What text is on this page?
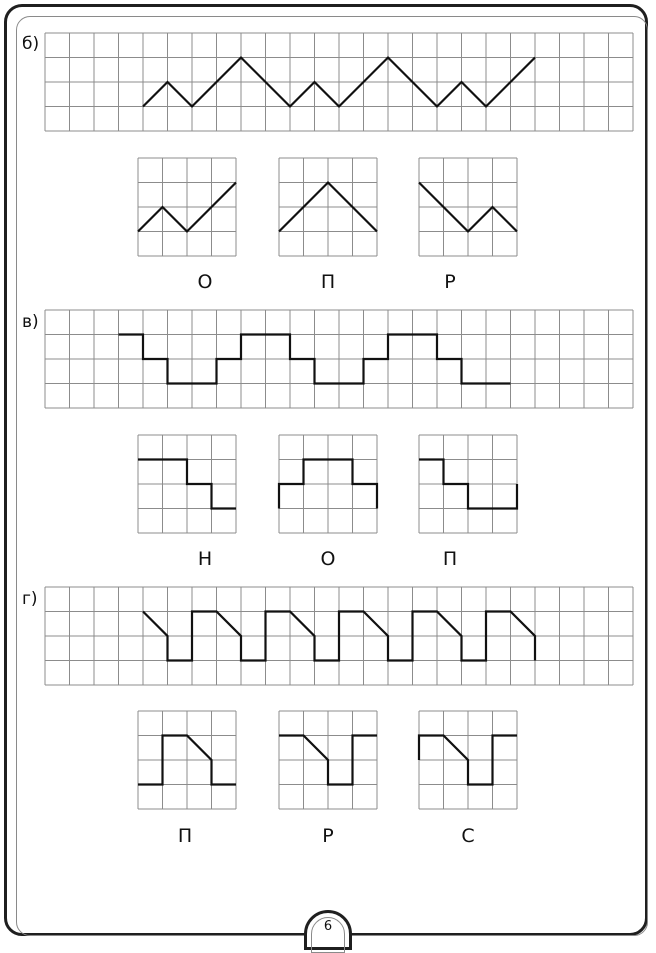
б)
О	П	Р
в)
Н	О	П
г)
П	Р	С
6
